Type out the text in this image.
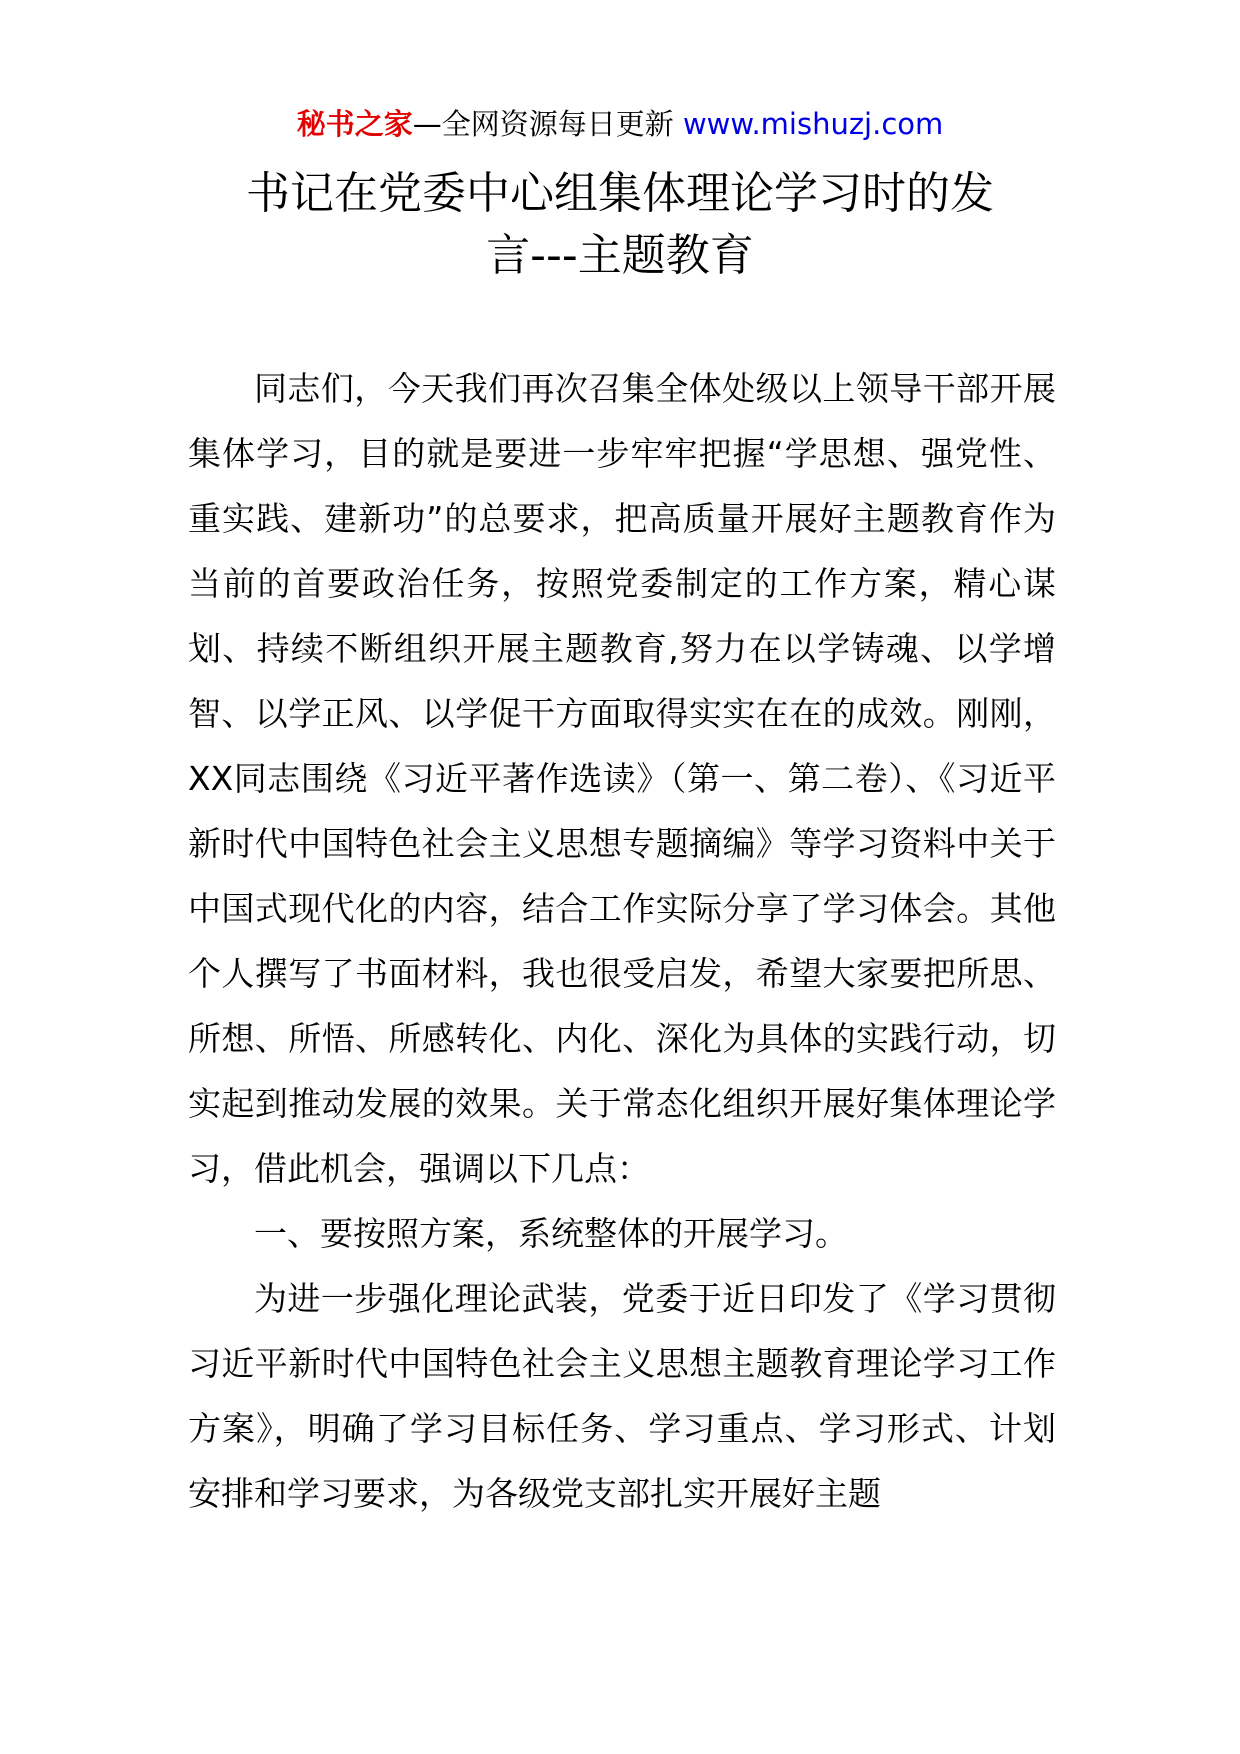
秘书之家—全网资源每日更新 www.mishuzj.com
书记在党委中心组集体理论学习时的发
言---主题教育

同志们，今天我们再次召集全体处级以上领导干部开展集体学习，目的就是要进一步牢牢把握“学思想、强党性、重实践、建新功”的总要求，把高质量开展好主题教育作为当前的首要政治任务，按照党委制定的工作方案，精心谋划、持续不断组织开展主题教育,努力在以学铸魂、以学增智、以学正风、以学促干方面取得实实在在的成效。刚刚，XX同志围绕《习近平著作选读》（第一、第二卷）、《习近平新时代中国特色社会主义思想专题摘编》等学习资料中关于中国式现代化的内容，结合工作实际分享了学习体会。其他个人撰写了书面材料，我也很受启发，希望大家要把所思、所想、所悟、所感转化、内化、深化为具体的实践行动，切实起到推动发展的效果。关于常态化组织开展好集体理论学习，借此机会，强调以下几点：

一、要按照方案，系统整体的开展学习。

为进一步强化理论武装，党委于近日印发了《学习贯彻习近平新时代中国特色社会主义思想主题教育理论学习工作方案》，明确了学习目标任务、学习重点、学习形式、计划安排和学习要求，为各级党支部扎实开展好主题
